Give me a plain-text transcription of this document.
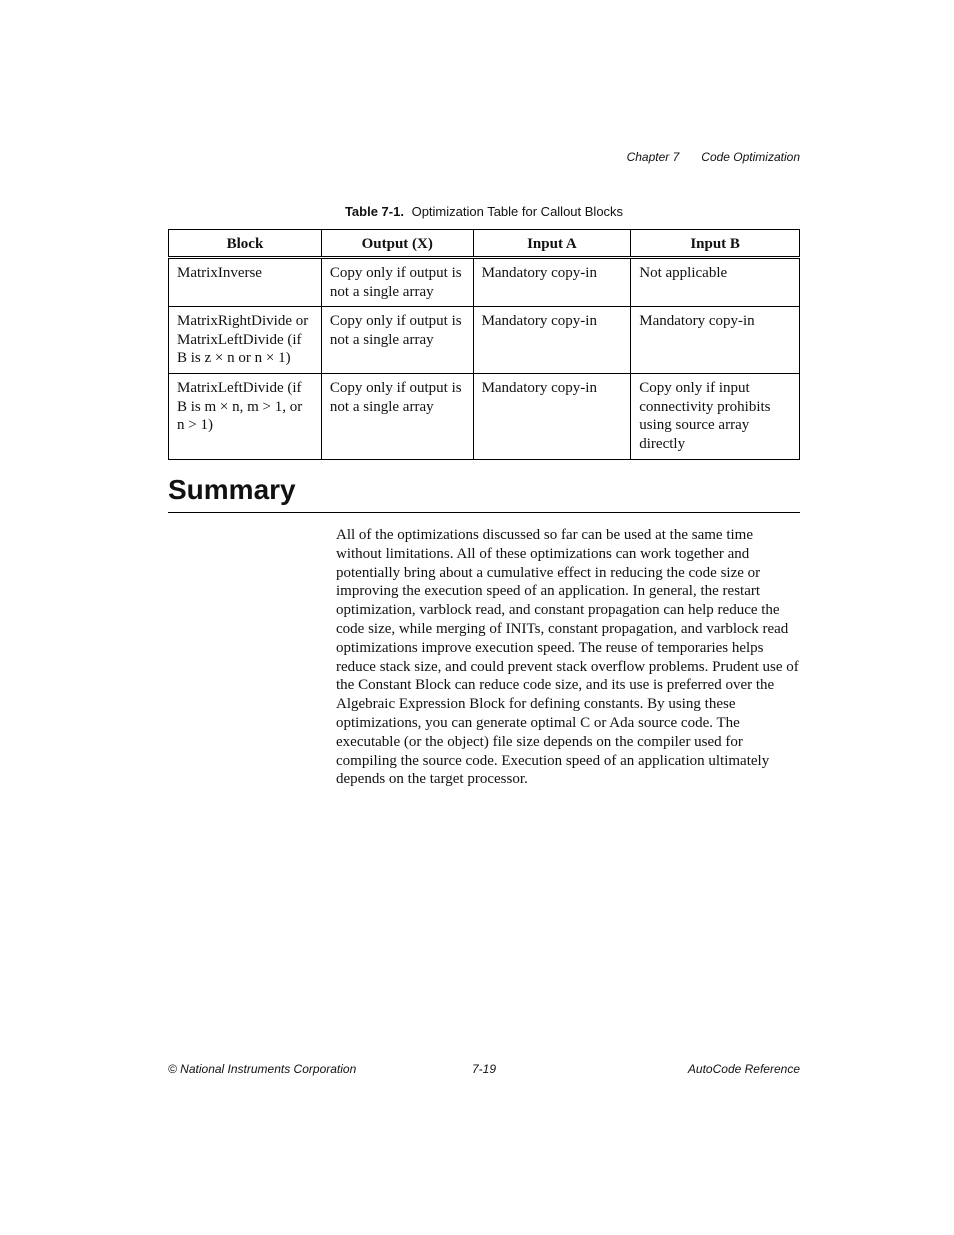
Chapter 7 Code Optimization
Table 7-1. Optimization Table for Callout Blocks
Block	Output (X)	Input A	Input B
MatrixInverse	Copy only if output is not a single array	Mandatory copy-in	Not applicable
MatrixRightDivide or MatrixLeftDivide (if B is z × n or n × 1)	Copy only if output is not a single array	Mandatory copy-in	Mandatory copy-in
MatrixLeftDivide (if B is m × n, m > 1, or n > 1)	Copy only if output is not a single array	Mandatory copy-in	Copy only if input connectivity prohibits using source array directly
Summary

All of the optimizations discussed so far can be used at the same time without limitations. All of these optimizations can work together and potentially bring about a cumulative effect in reducing the code size or improving the execution speed of an application. In general, the restart optimization, varblock read, and constant propagation can help reduce the code size, while merging of INITs, constant propagation, and varblock read optimizations improve execution speed. The reuse of temporaries helps reduce stack size, and could prevent stack overflow problems. Prudent use of the Constant Block can reduce code size, and its use is preferred over the Algebraic Expression Block for defining constants. By using these optimizations, you can generate optimal C or Ada source code. The executable (or the object) file size depends on the compiler used for compiling the source code. Execution speed of an application ultimately depends on the target processor.

© National Instruments Corporation	7-19	AutoCode Reference
